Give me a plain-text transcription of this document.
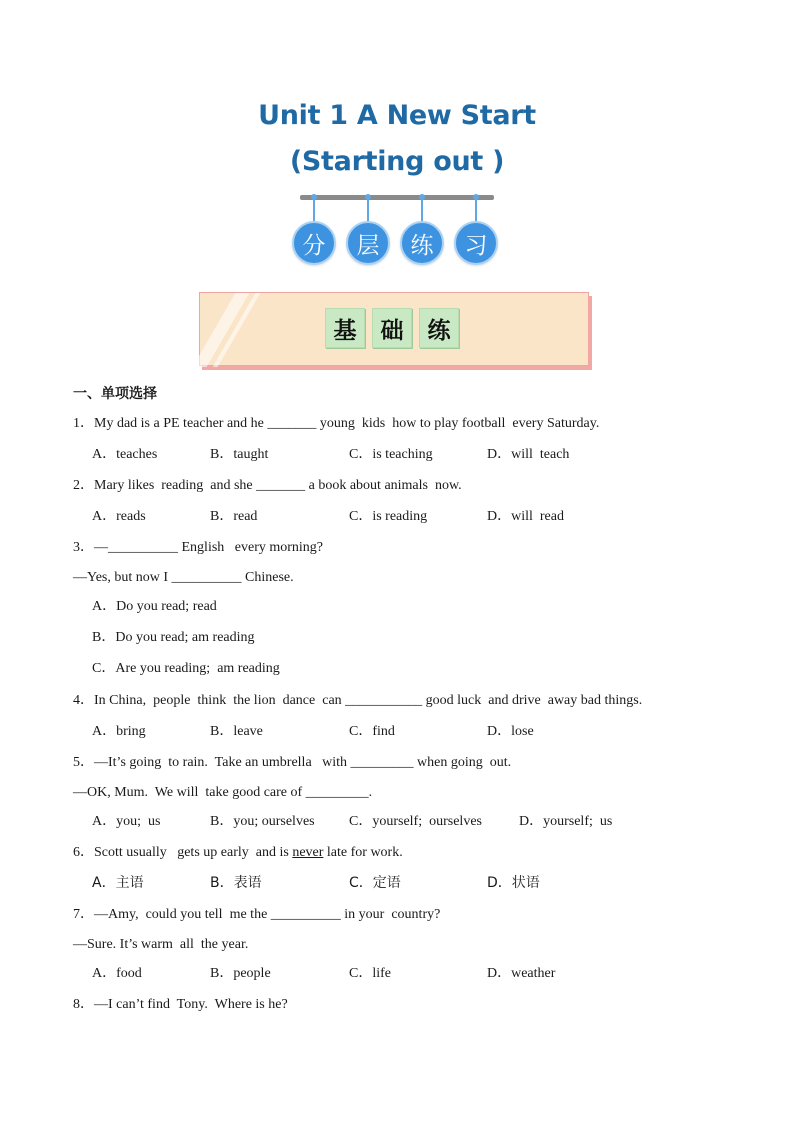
Unit 1 A New Start
(Starting out )
分	层	练	习
基	础	练
一、单项选择
1．My dad is a PE teacher and he _______ young  kids  how to play football  every Saturday.
A．teaches	B．taught	C．is teaching	D．will  teach
2．Mary likes  reading  and she _______ a book about animals  now.
A．reads	B．read	C．is reading	D．will  read
3．—__________ English   every morning?
—Yes, but now I __________ Chinese.
A．Do you read; read
B．Do you read; am reading
C．Are you reading;  am reading
4．In China,  people  think  the lion  dance  can ___________ good luck  and drive  away bad things.
A．bring	B．leave	C．find	D．lose
5．—It’s going  to rain.  Take an umbrella   with _________ when going  out.
—OK, Mum.  We will  take good care of _________.
A．you;  us	B．you; ourselves C．yourself;  ourselves	D．yourself;  us
6．Scott usually   gets up early  and is never late for work.
A．主语	B．表语	C．定语	D．状语
7．—Amy,  could you tell  me the __________ in your  country?
—Sure. It’s warm  all  the year.
A．food	B．people	C．life	D．weather
8．—I can’t find  Tony.  Where is he?
